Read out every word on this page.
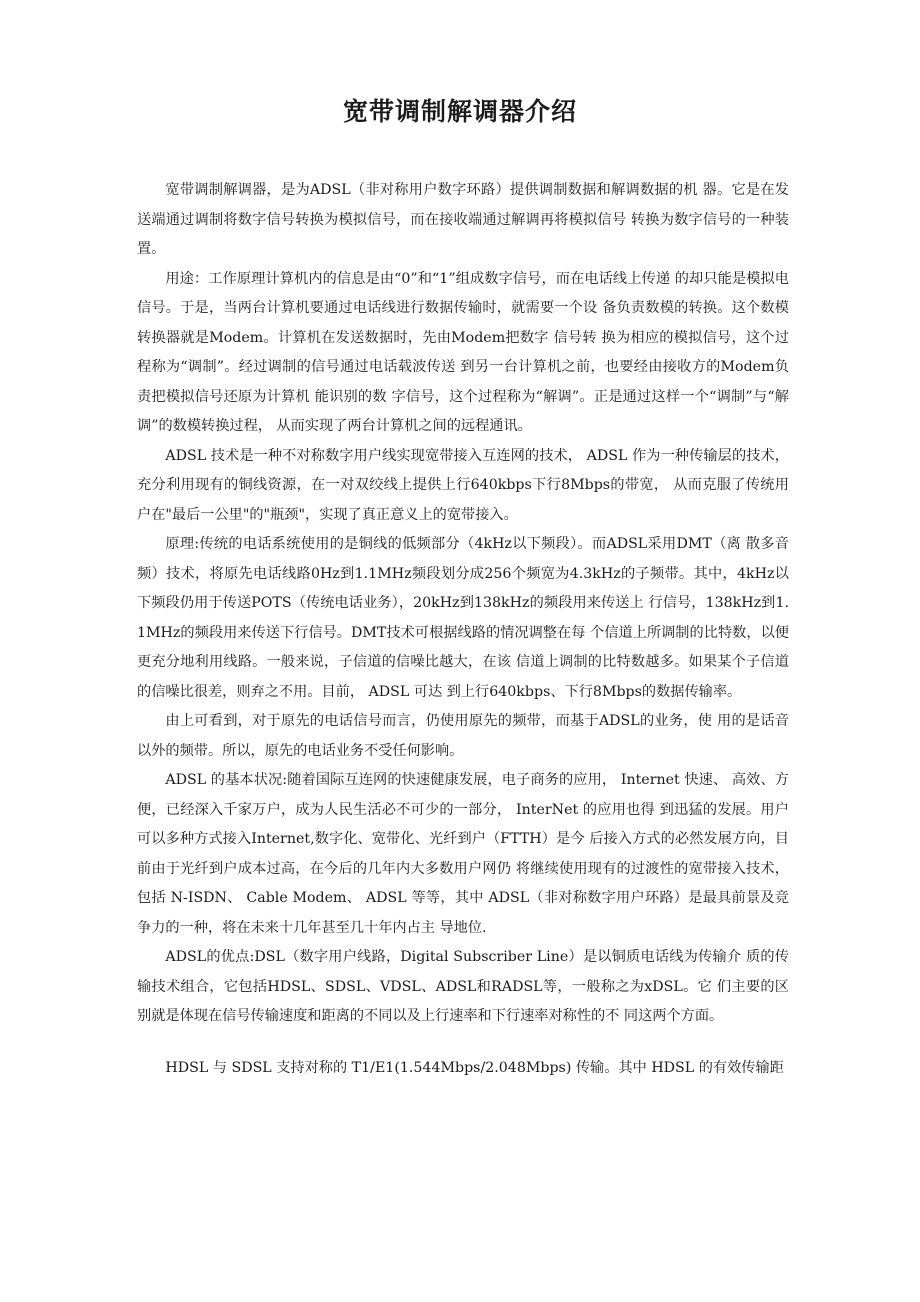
宽带调制解调器介绍

宽带调制解调器，是为ADSL（非对称用户数字环路）提供调制数据和解调数据的机 器。它是在发送端通过调制将数字信号转换为模拟信号，而在接收端通过解调再将模拟信号 转换为数字信号的一种装置。

用途：工作原理计算机内的信息是由“0”和“1”组成数字信号，而在电话线上传递 的却只能是模拟电信号。于是，当两台计算机要通过电话线进行数据传输时，就需要一个设 备负责数模的转换。这个数模转换器就是Modem。计算机在发送数据时，先由Modem把数字 信号转 换为相应的模拟信号，这个过程称为“调制”。经过调制的信号通过电话载波传送 到另一台计算机之前，也要经由接收方的Modem负责把模拟信号还原为计算机 能识别的数 字信号，这个过程称为“解调”。正是通过这样一个“调制”与“解调”的数模转换过程， 从而实现了两台计算机之间的远程通讯。

ADSL 技术是一种不对称数字用户线实现宽带接入互连网的技术， ADSL 作为一种传输层的技术，充分利用现有的铜线资源，在一对双绞线上提供上行640kbps下行8Mbps的带宽， 从而克服了传统用户在"最后一公里"的"瓶颈"，实现了真正意义上的宽带接入。

原理:传统的电话系统使用的是铜线的低频部分（4kHz以下频段）。而ADSL采用DMT（离 散多音频）技术，将原先电话线路0Hz到1.1MHz频段划分成256个频宽为4.3kHz的子频带。其中，4kHz以下频段仍用于传送POTS（传统电话业务），20kHz到138kHz的频段用来传送上 行信号，138kHz到1.1MHz的频段用来传送下行信号。DMT技术可根据线路的情况调整在每 个信道上所调制的比特数，以便更充分地利用线路。一般来说，子信道的信噪比越大，在该 信道上调制的比特数越多。如果某个子信道的信噪比很差，则弃之不用。目前， ADSL 可达 到上行640kbps、下行8Mbps的数据传输率。

由上可看到，对于原先的电话信号而言，仍使用原先的频带，而基于ADSL的业务，使 用的是话音以外的频带。所以，原先的电话业务不受任何影响。

ADSL 的基本状况:随着国际互连网的快速健康发展，电子商务的应用， Internet 快速、 高效、方便，已经深入千家万户，成为人民生活必不可少的一部分， InterNet 的应用也得 到迅猛的发展。用户可以多种方式接入Internet,数字化、宽带化、光纤到户（FTTH）是今 后接入方式的必然发展方向，目前由于光纤到户成本过高，在今后的几年内大多数用户网仍 将继续使用现有的过渡性的宽带接入技术，包括 N-ISDN、 Cable Modem、 ADSL 等等，其中 ADSL（非对称数字用户环路）是最具前景及竞争力的一种，将在未来十几年甚至几十年内占主 导地位.

ADSL的优点:DSL（数字用户线路，Digital Subscriber Line）是以铜质电话线为传输介 质的传输技术组合，它包括HDSL、SDSL、VDSL、ADSL和RADSL等，一般称之为xDSL。它 们主要的区别就是体现在信号传输速度和距离的不同以及上行速率和下行速率对称性的不 同这两个方面。

HDSL 与 SDSL 支持对称的 T1/E1(1.544Mbps/2.048Mbps) 传输。其中 HDSL 的有效传输距
